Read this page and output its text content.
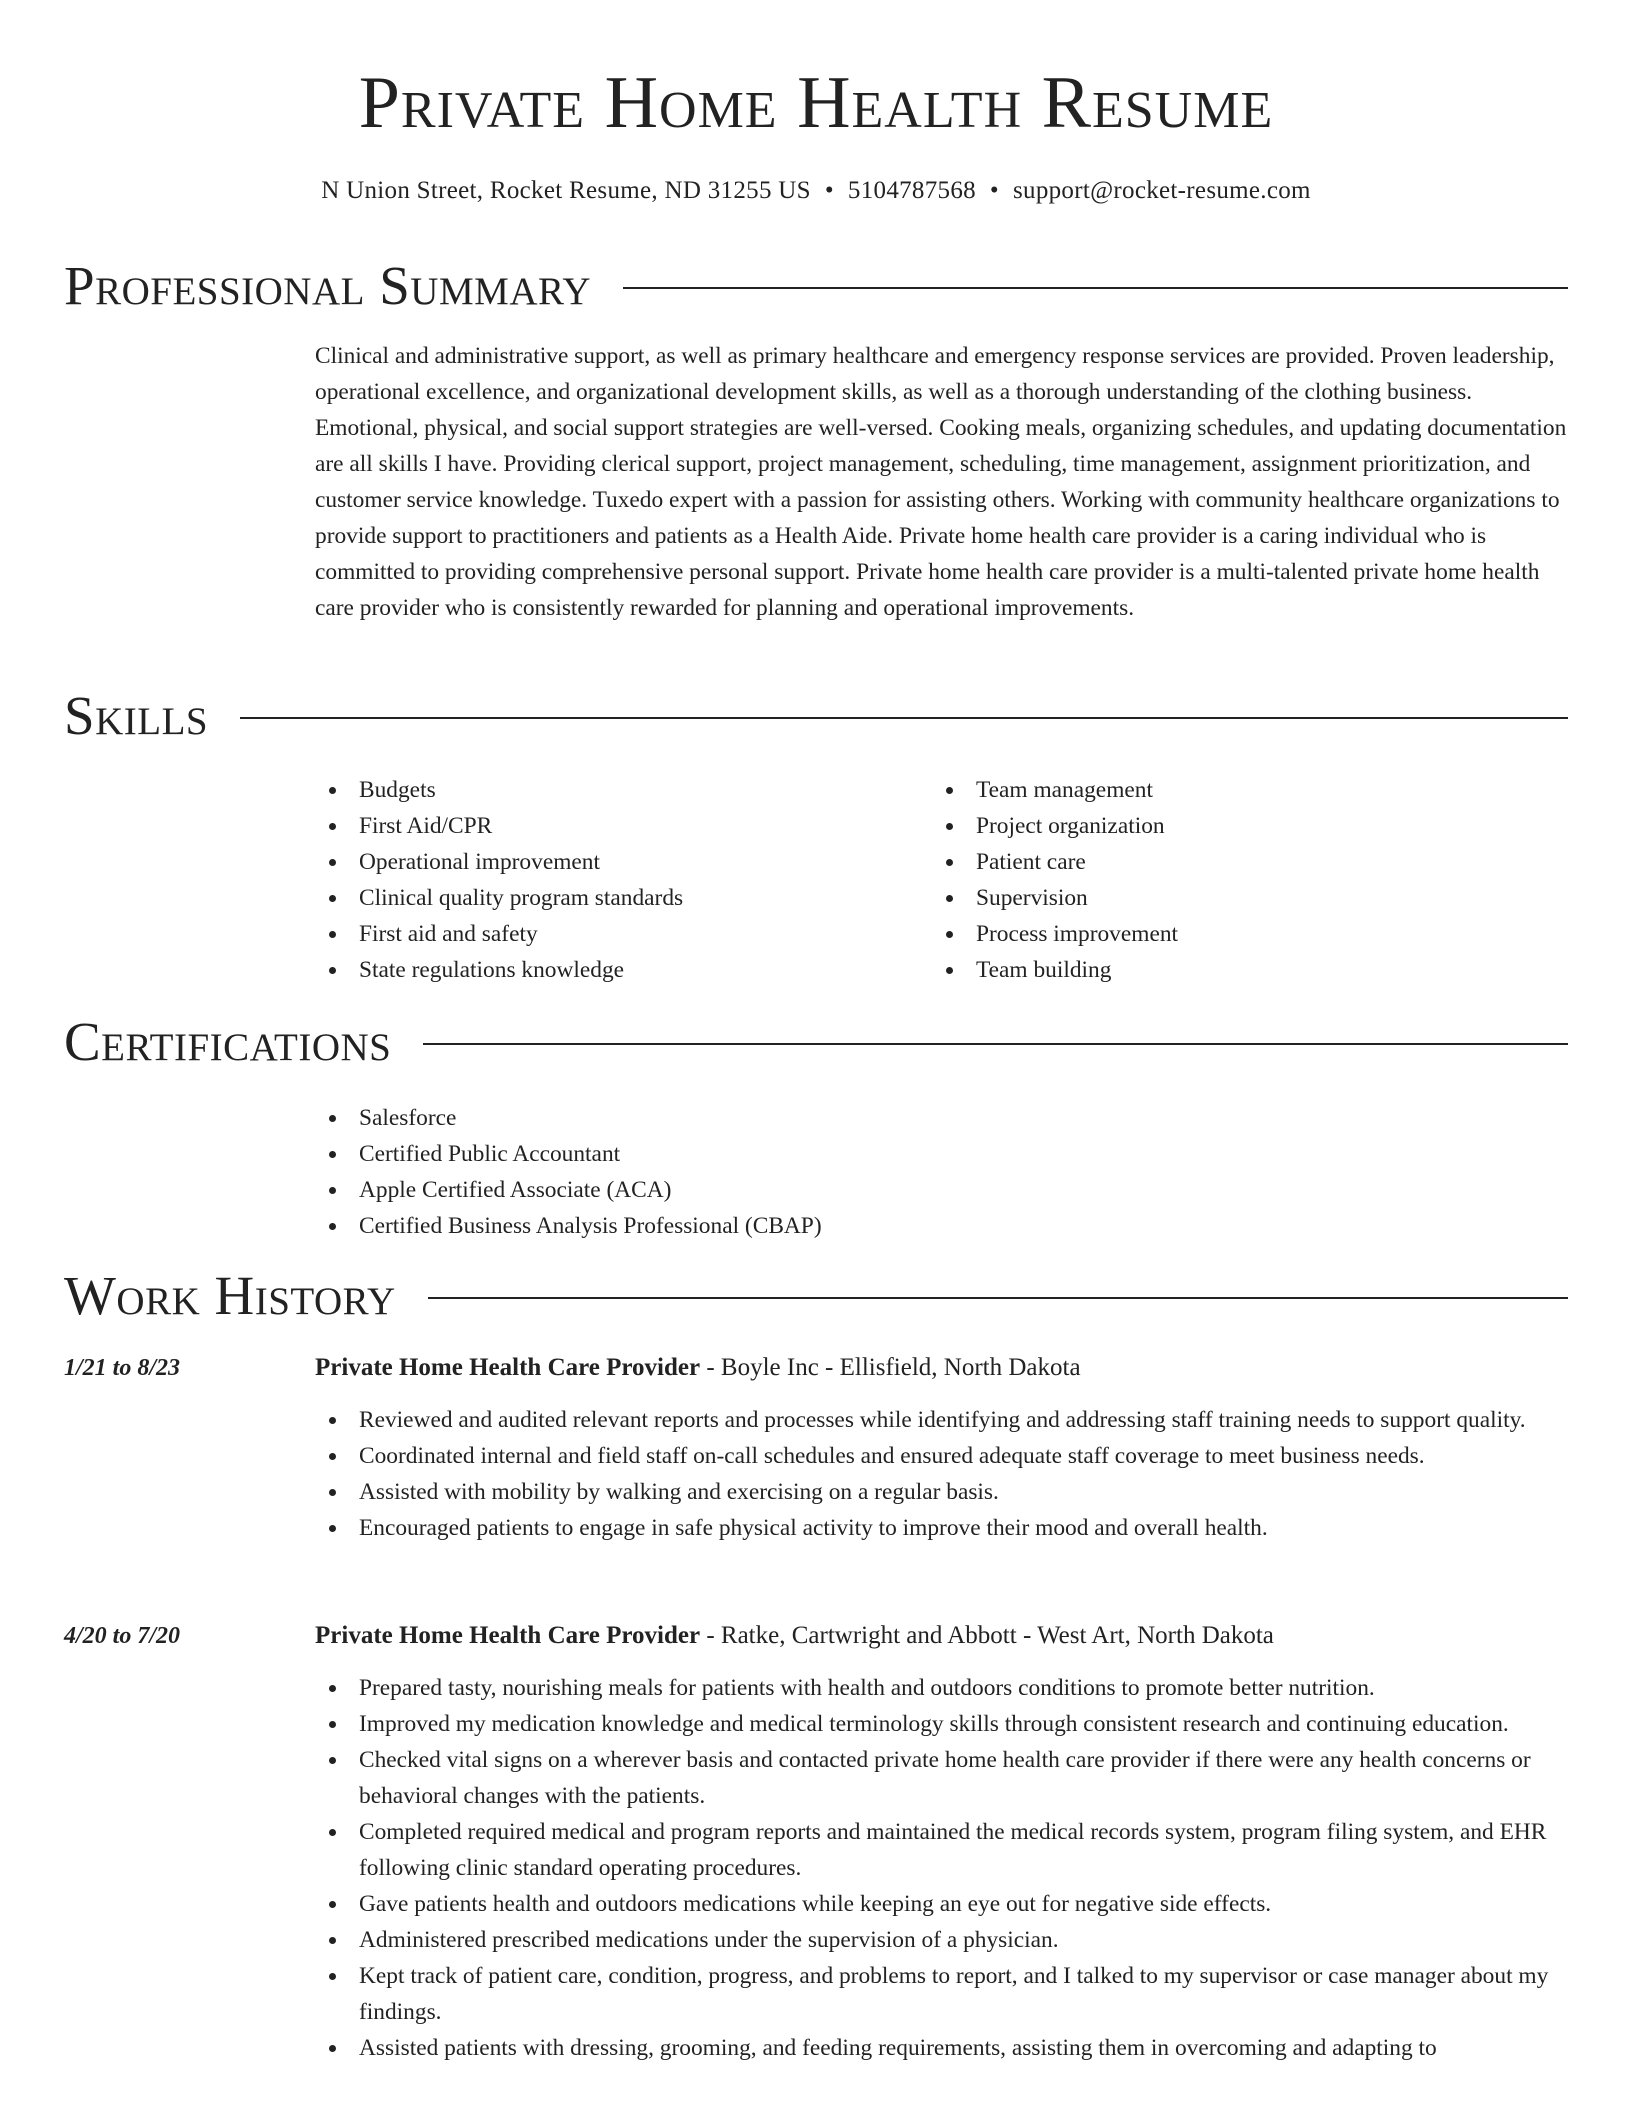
Private Home Health Resume
N Union Street, Rocket Resume, ND 31255 US • 5104787568 • support@rocket-resume.com
Professional Summary

Clinical and administrative support, as well as primary healthcare and emergency response services are provided. Proven leadership, operational excellence, and organizational development skills, as well as a thorough understanding of the clothing business. Emotional, physical, and social support strategies are well-versed. Cooking meals, organizing schedules, and updating documentation are all skills I have. Providing clerical support, project management, scheduling, time management, assignment prioritization, and customer service knowledge. Tuxedo expert with a passion for assisting others. Working with community healthcare organizations to provide support to practitioners and patients as a Health Aide. Private home health care provider is a caring individual who is committed to providing comprehensive personal support. Private home health care provider is a multi-talented private home health care provider who is consistently rewarded for planning and operational improvements.

Skills
Budgets
First Aid/CPR
Operational improvement
Clinical quality program standards
First aid and safety
State regulations knowledge
Team management
Project organization
Patient care
Supervision
Process improvement
Team building
Certifications
Salesforce
Certified Public Accountant
Apple Certified Associate (ACA)
Certified Business Analysis Professional (CBAP)
Work History
1/21 to 8/23	Private Home Health Care Provider - Boyle Inc - Ellisfield, North Dakota
Reviewed and audited relevant reports and processes while identifying and addressing staff training needs to support quality.
Coordinated internal and field staff on-call schedules and ensured adequate staff coverage to meet business needs.
Assisted with mobility by walking and exercising on a regular basis.
Encouraged patients to engage in safe physical activity to improve their mood and overall health.
4/20 to 7/20	Private Home Health Care Provider - Ratke, Cartwright and Abbott - West Art, North Dakota
Prepared tasty, nourishing meals for patients with health and outdoors conditions to promote better nutrition.
Improved my medication knowledge and medical terminology skills through consistent research and continuing education.
Checked vital signs on a wherever basis and contacted private home health care provider if there were any health concerns or behavioral changes with the patients.
Completed required medical and program reports and maintained the medical records system, program filing system, and EHR following clinic standard operating procedures.
Gave patients health and outdoors medications while keeping an eye out for negative side effects.
Administered prescribed medications under the supervision of a physician.
Kept track of patient care, condition, progress, and problems to report, and I talked to my supervisor or case manager about my findings.
Assisted patients with dressing, grooming, and feeding requirements, assisting them in overcoming and adapting to
